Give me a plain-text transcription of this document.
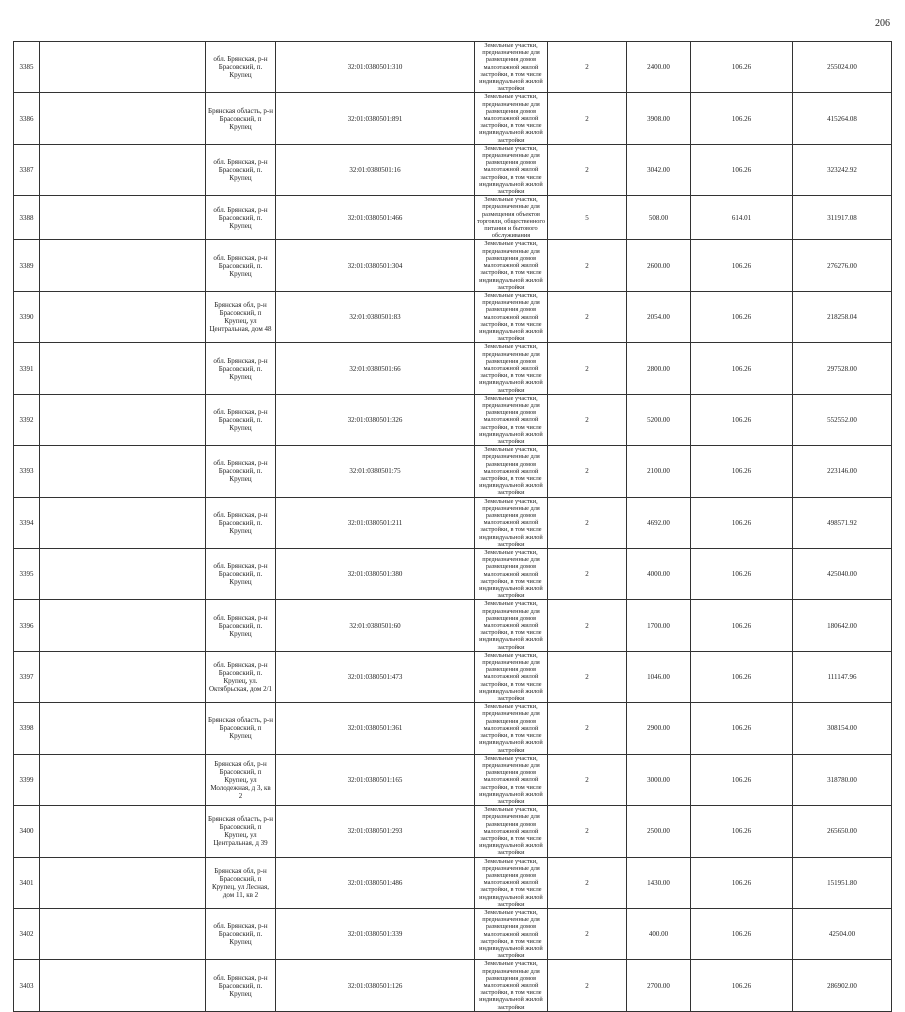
206
3385		обл. Брянская, р-н Брасовский, п. Крупец	32:01:0380501:310	Земельные участки, предназначенные для размещения домов малоэтажной жилой застройки, в том числе индивидуальной жилой застройки	2	2400.00	106.26	255024.00
3386		Брянская область, р-н Брасовский, п Крупец	32:01:0380501:891	Земельные участки, предназначенные для размещения домов малоэтажной жилой застройки, в том числе индивидуальной жилой застройки	2	3908.00	106.26	415264.08
3387		обл. Брянская, р-н Брасовский, п. Крупец	32:01:0380501:16	Земельные участки, предназначенные для размещения домов малоэтажной жилой застройки, в том числе индивидуальной жилой застройки	2	3042.00	106.26	323242.92
3388		обл. Брянская, р-н Брасовский, п. Крупец	32:01:0380501:466	Земельные участки, предназначенные для размещения объектов торговли, общественного питания и бытового обслуживания	5	508.00	614.01	311917.08
3389		обл. Брянская, р-н Брасовский, п. Крупец	32:01:0380501:304	Земельные участки, предназначенные для размещения домов малоэтажной жилой застройки, в том числе индивидуальной жилой застройки	2	2600.00	106.26	276276.00
3390		Брянская обл, р-н Брасовский, п Крупец, ул Центральная, дом 48	32:01:0380501:83	Земельные участки, предназначенные для размещения домов малоэтажной жилой застройки, в том числе индивидуальной жилой застройки	2	2054.00	106.26	218258.04
3391		обл. Брянская, р-н Брасовский, п. Крупец	32:01:0380501:66	Земельные участки, предназначенные для размещения домов малоэтажной жилой застройки, в том числе индивидуальной жилой застройки	2	2800.00	106.26	297528.00
3392		обл. Брянская, р-н Брасовский, п. Крупец	32:01:0380501:326	Земельные участки, предназначенные для размещения домов малоэтажной жилой застройки, в том числе индивидуальной жилой застройки	2	5200.00	106.26	552552.00
3393		обл. Брянская, р-н Брасовский, п. Крупец	32:01:0380501:75	Земельные участки, предназначенные для размещения домов малоэтажной жилой застройки, в том числе индивидуальной жилой застройки	2	2100.00	106.26	223146.00
3394		обл. Брянская, р-н Брасовский, п. Крупец	32:01:0380501:211	Земельные участки, предназначенные для размещения домов малоэтажной жилой застройки, в том числе индивидуальной жилой застройки	2	4692.00	106.26	498571.92
3395		обл. Брянская, р-н Брасовский, п. Крупец	32:01:0380501:380	Земельные участки, предназначенные для размещения домов малоэтажной жилой застройки, в том числе индивидуальной жилой застройки	2	4000.00	106.26	425040.00
3396		обл. Брянская, р-н Брасовский, п. Крупец	32:01:0380501:60	Земельные участки, предназначенные для размещения домов малоэтажной жилой застройки, в том числе индивидуальной жилой застройки	2	1700.00	106.26	180642.00
3397		обл. Брянская, р-н Брасовский, п. Крупец, ул. Октябрьская, дом 2/1	32:01:0380501:473	Земельные участки, предназначенные для размещения домов малоэтажной жилой застройки, в том числе индивидуальной жилой застройки	2	1046.00	106.26	111147.96
3398		Брянская область, р-н Брасовский, п Крупец	32:01:0380501:361	Земельные участки, предназначенные для размещения домов малоэтажной жилой застройки, в том числе индивидуальной жилой застройки	2	2900.00	106.26	308154.00
3399		Брянская обл, р-н Брасовский, п Крупец, ул Молодежная, д 3, кв 2	32:01:0380501:165	Земельные участки, предназначенные для размещения домов малоэтажной жилой застройки, в том числе индивидуальной жилой застройки	2	3000.00	106.26	318780.00
3400		Брянская область, р-н Брасовский, п Крупец, ул Центральная, д 39	32:01:0380501:293	Земельные участки, предназначенные для размещения домов малоэтажной жилой застройки, в том числе индивидуальной жилой застройки	2	2500.00	106.26	265650.00
3401		Брянская обл, р-н Брасовский, п Крупец, ул Лесная, дом 11, кв 2	32:01:0380501:486	Земельные участки, предназначенные для размещения домов малоэтажной жилой застройки, в том числе индивидуальной жилой застройки	2	1430.00	106.26	151951.80
3402		обл. Брянская, р-н Брасовский, п. Крупец	32:01:0380501:339	Земельные участки, предназначенные для размещения домов малоэтажной жилой застройки, в том числе индивидуальной жилой застройки	2	400.00	106.26	42504.00
3403		обл. Брянская, р-н Брасовский, п. Крупец	32:01:0380501:126	Земельные участки, предназначенные для размещения домов малоэтажной жилой застройки, в том числе индивидуальной жилой застройки	2	2700.00	106.26	286902.00
